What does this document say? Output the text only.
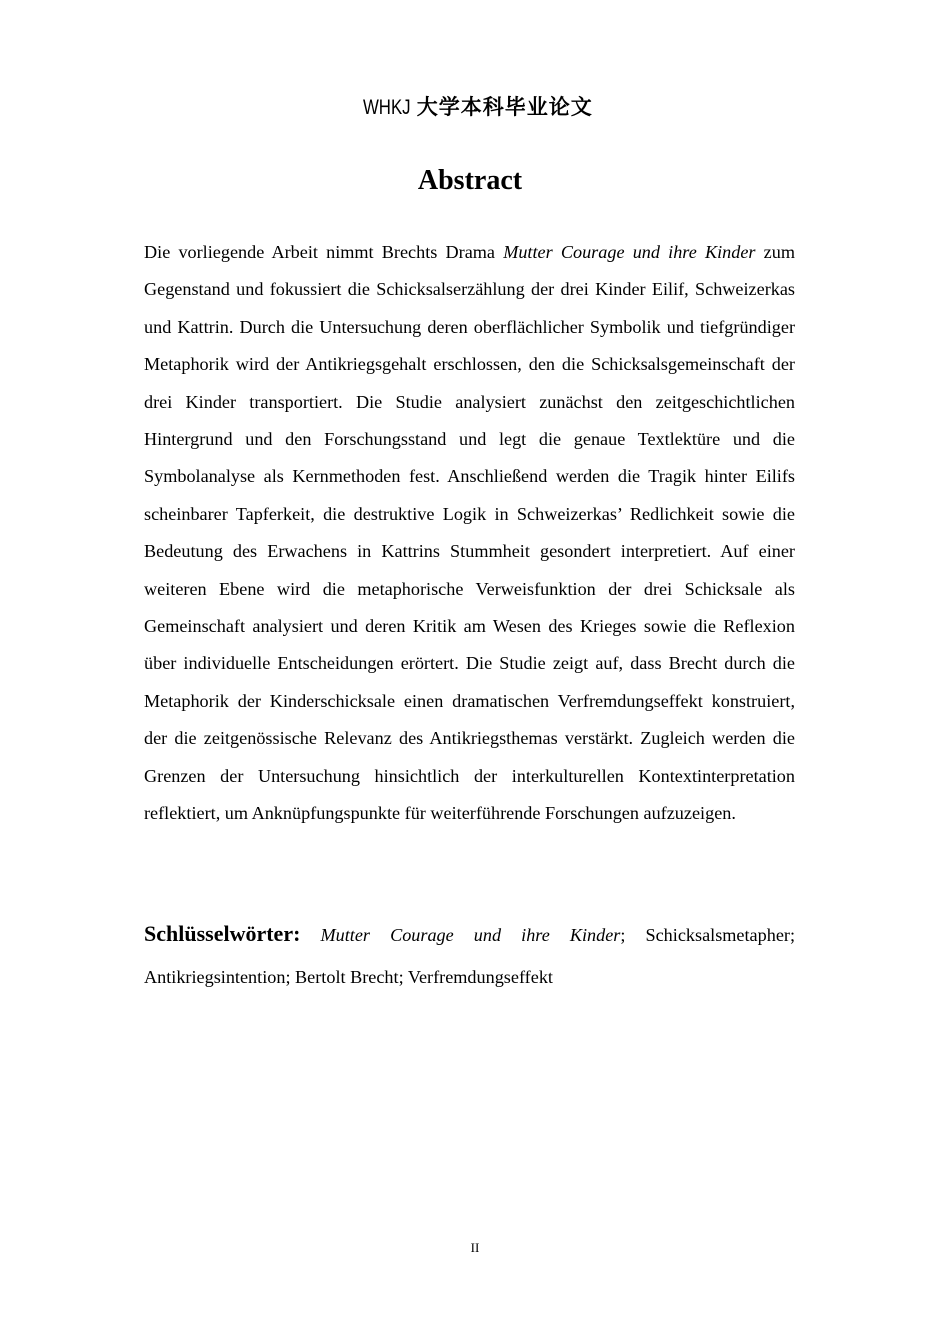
WHKJ 大学本科毕业论文
Abstract

Die vorliegende Arbeit nimmt Brechts Drama Mutter Courage und ihre Kinder zum Gegenstand und fokussiert die Schicksalserzählung der drei Kinder Eilif, Schweizerkas und Kattrin. Durch die Untersuchung deren oberflächlicher Symbolik und tiefgründiger Metaphorik wird der Antikriegsgehalt erschlossen, den die Schicksalsgemeinschaft der drei Kinder transportiert. Die Studie analysiert zunächst den zeitgeschichtlichen Hintergrund und den Forschungsstand und legt die genaue Textlektüre und die Symbolanalyse als Kernmethoden fest. Anschließend werden die Tragik hinter Eilifs scheinbarer Tapferkeit, die destruktive Logik in Schweizerkas’ Redlichkeit sowie die Bedeutung des Erwachens in Kattrins Stummheit gesondert interpretiert. Auf einer weiteren Ebene wird die metaphorische Verweisfunktion der drei Schicksale als Gemeinschaft analysiert und deren Kritik am Wesen des Krieges sowie die Reflexion über individuelle Entscheidungen erörtert. Die Studie zeigt auf, dass Brecht durch die Metaphorik der Kinderschicksale einen dramatischen Verfremdungseffekt konstruiert, der die zeitgenössische Relevanz des Antikriegsthemas verstärkt. Zugleich werden die Grenzen der Untersuchung hinsichtlich der interkulturellen Kontextinterpretation reflektiert, um Anknüpfungspunkte für weiterführende Forschungen aufzuzeigen.

Schlüsselwörter: Mutter Courage und ihre Kinder; Schicksalsmetapher; Antikriegsintention; Bertolt Brecht; Verfremdungseffekt

II
